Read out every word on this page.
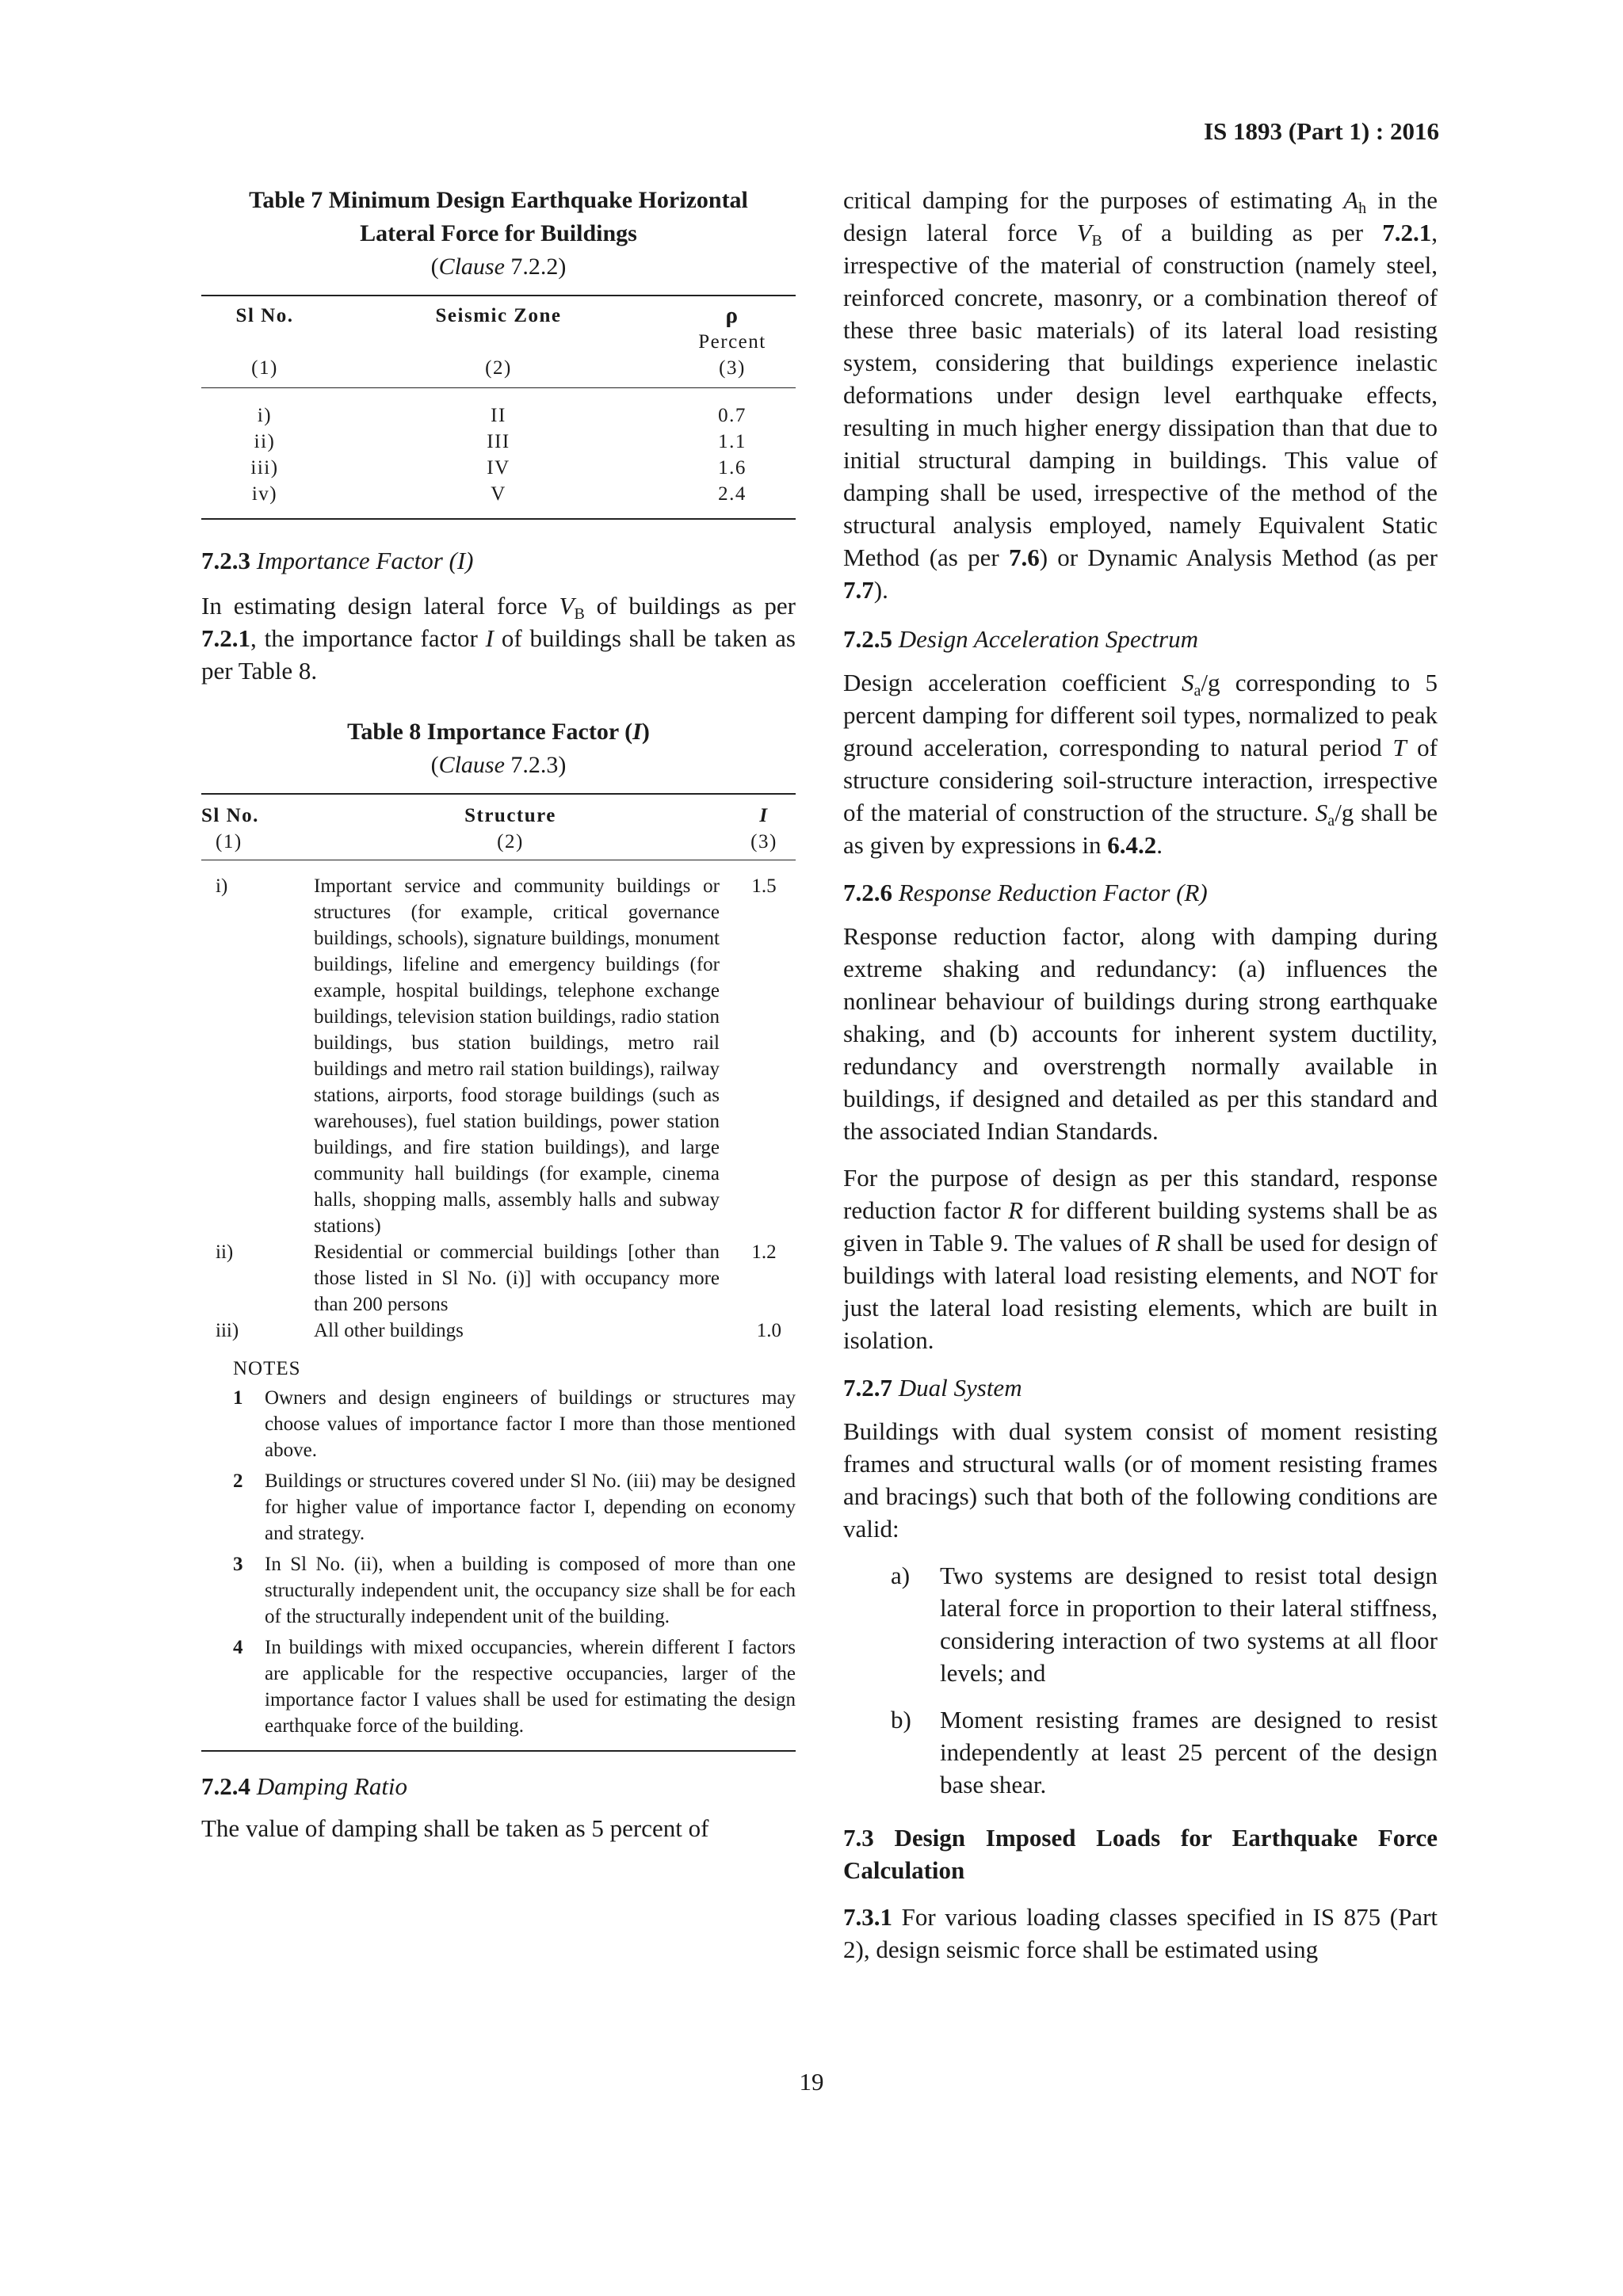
IS 1893 (Part 1) : 2016
Table 7 Minimum Design Earthquake Horizontal
Lateral Force for Buildings
(Clause 7.2.2)

Sl No.	Seismic Zone	ρ
		Percent
(1)	(2)	(3)

i)	II	0.7
ii)	III	1.1
iii)	IV	1.6
iv)	V	2.4

7.2.3 Importance Factor (I)

In estimating design lateral force $V_B$ of buildings as per 7.2.1, the importance factor I of buildings shall be taken as per Table 8.

Table 8 Importance Factor (I)
(Clause 7.2.3)

Sl No.	Structure	I
(1)	(2)	(3)

i)	Important service and community buildings or structures (for example, critical governance buildings, schools), signature buildings, monument buildings, lifeline and emergency buildings (for example, hospital buildings, telephone exchange buildings, television station buildings, radio station buildings, bus station buildings, metro rail buildings and metro rail station buildings), railway stations, airports, food storage buildings (such as warehouses), fuel station buildings, power station buildings, and fire station buildings), and large community hall buildings (for example, cinema halls, shopping malls, assembly halls and subway stations)	1.5
ii)	Residential or commercial buildings [other than those listed in Sl No. (i)] with occupancy more than 200 persons	1.2
iii)	All other buildings	1.0
NOTES
1	Owners and design engineers of buildings or structures may choose values of importance factor I more than those mentioned above.
2	Buildings or structures covered under Sl No. (iii) may be designed for higher value of importance factor I, depending on economy and strategy.
3	In Sl No. (ii), when a building is composed of more than one structurally independent unit, the occupancy size shall be for each of the structurally independent unit of the building.
4	In buildings with mixed occupancies, wherein different I factors are applicable for the respective occupancies, larger of the importance factor I values shall be used for estimating the design earthquake force of the building.

7.2.4 Damping Ratio

The value of damping shall be taken as 5 percent of

critical damping for the purposes of estimating $A_h$ in the design lateral force $V_B$ of a building as per 7.2.1, irrespective of the material of construction (namely steel, reinforced concrete, masonry, or a combination thereof of these three basic materials) of its lateral load resisting system, considering that buildings experience inelastic deformations under design level earthquake effects, resulting in much higher energy dissipation than that due to initial structural damping in buildings. This value of damping shall be used, irrespective of the method of the structural analysis employed, namely Equivalent Static Method (as per 7.6) or Dynamic Analysis Method (as per 7.7).

7.2.5 Design Acceleration Spectrum

Design acceleration coefficient $S_a/g$ corresponding to 5 percent damping for different soil types, normalized to peak ground acceleration, corresponding to natural period T of structure considering soil-structure interaction, irrespective of the material of construction of the structure. $S_a/g$ shall be as given by expressions in 6.4.2.

7.2.6 Response Reduction Factor (R)

Response reduction factor, along with damping during extreme shaking and redundancy: (a) influences the nonlinear behaviour of buildings during strong earthquake shaking, and (b) accounts for inherent system ductility, redundancy and overstrength normally available in buildings, if designed and detailed as per this standard and the associated Indian Standards.

For the purpose of design as per this standard, response reduction factor R for different building systems shall be as given in Table 9. The values of R shall be used for design of buildings with lateral load resisting elements, and NOT for just the lateral load resisting elements, which are built in isolation.

7.2.7 Dual System

Buildings with dual system consist of moment resisting frames and structural walls (or of moment resisting frames and bracings) such that both of the following conditions are valid:

a)	Two systems are designed to resist total design lateral force in proportion to their lateral stiffness, considering interaction of two systems at all floor levels; and
b)	Moment resisting frames are designed to resist independently at least 25 percent of the design base shear.

7.3 Design Imposed Loads for Earthquake Force Calculation

7.3.1 For various loading classes specified in IS 875 (Part 2), design seismic force shall be estimated using

19
